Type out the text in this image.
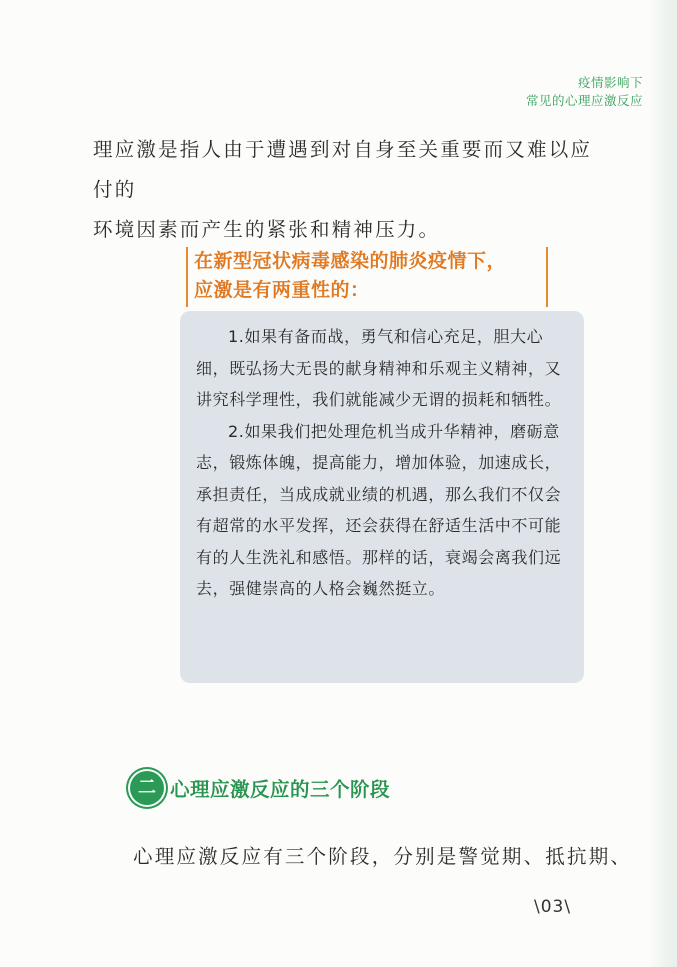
疫情影响下
常见的心理应激反应
理应激是指人由于遭遇到对自身至关重要而又难以应付的
环境因素而产生的紧张和精神压力。
在新型冠状病毒感染的肺炎疫情下，
应激是有两重性的：

1.如果有备而战，勇气和信心充足，胆大心细，既弘扬大无畏的献身精神和乐观主义精神，又讲究科学理性，我们就能减少无谓的损耗和牺牲。

2.如果我们把处理危机当成升华精神，磨砺意志，锻炼体魄，提高能力，增加体验，加速成长，承担责任，当成成就业绩的机遇，那么我们不仅会有超常的水平发挥，还会获得在舒适生活中不可能有的人生洗礼和感悟。那样的话，衰竭会离我们远去，强健崇高的人格会巍然挺立。

二 心理应激反应的三个阶段
心理应激反应有三个阶段，分别是警觉期、抵抗期、
\03\
